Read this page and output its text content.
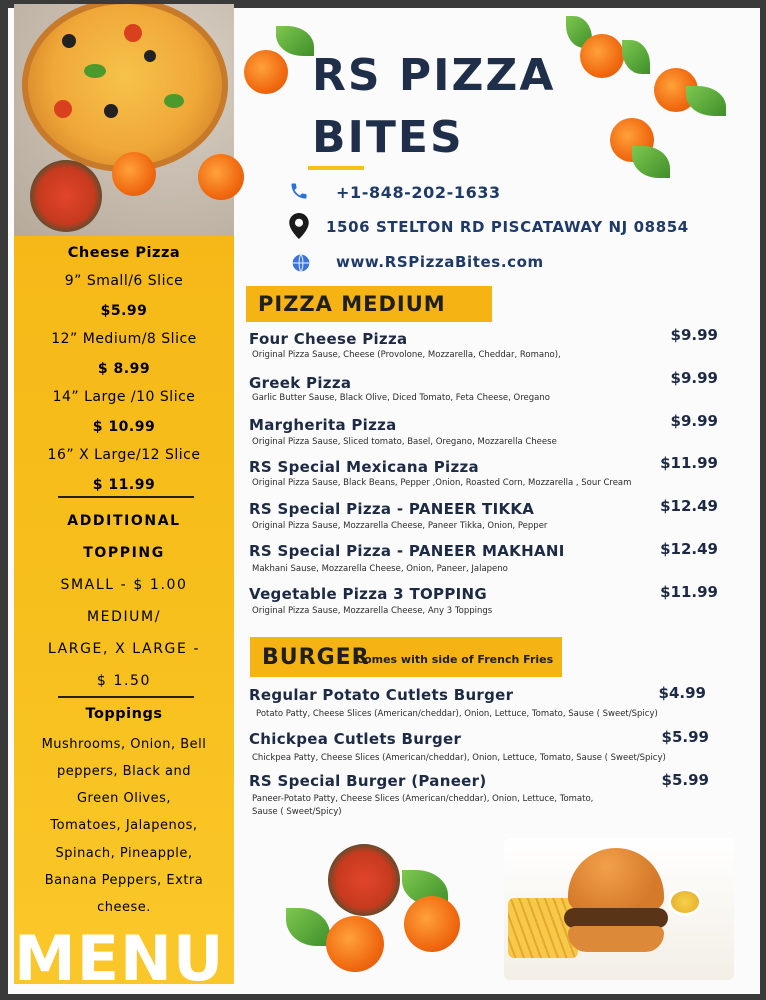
Cheese Pizza
9” Small/6 Slice
$5.99
12” Medium/8 Slice
$ 8.99
14” Large /10 Slice
$ 10.99
16” X Large/12 Slice
$ 11.99
ADDITIONAL
TOPPING
SMALL - $ 1.00
MEDIUM/
LARGE, X LARGE -
$ 1.50
Toppings
Mushrooms, Onion, Bell
peppers, Black and
Green Olives,
Tomatoes, Jalapenos,
Spinach, Pineapple,
Banana Peppers, Extra
cheese.
MENU
RS PIZZA
BITES
+1-848-202-1633
1506 STELTON RD PISCATAWAY NJ 08854
www.RSPizzaBites.com
PIZZA MEDIUM
Four Cheese Pizza
Original Pizza Sause, Cheese (Provolone, Mozzarella, Cheddar, Romano),
$9.99
Greek Pizza
Garlic Butter Sause, Black Olive, Diced Tomato, Feta Cheese, Oregano
$9.99
Margherita Pizza
Original Pizza Sause, Sliced tomato, Basel, Oregano, Mozzarella Cheese
$9.99
RS Special Mexicana Pizza
Original Pizza Sause, Black Beans, Pepper ,Onion, Roasted Corn, Mozzarella , Sour Cream
$11.99
RS Special Pizza - PANEER TIKKA
Original Pizza Sause, Mozzarella Cheese, Paneer Tikka, Onion, Pepper
$12.49
RS Special Pizza - PANEER MAKHANI
Makhani Sause, Mozzarella Cheese, Onion, Paneer, Jalapeno
$12.49
Vegetable Pizza 3 TOPPING
Original Pizza Sause, Mozzarella Cheese, Any 3 Toppings
$11.99
BURGER
Comes with side of French Fries
Regular Potato Cutlets Burger
Potato Patty, Cheese Slices (American/cheddar), Onion, Lettuce, Tomato, Sause ( Sweet/Spicy)
$4.99
Chickpea Cutlets Burger
Chickpea Patty, Cheese Slices (American/cheddar), Onion, Lettuce, Tomato, Sause ( Sweet/Spicy)
$5.99
RS Special Burger (Paneer)
Paneer-Potato Patty, Cheese Slices (American/cheddar), Onion, Lettuce, Tomato, Sause ( Sweet/Spicy)
$5.99
